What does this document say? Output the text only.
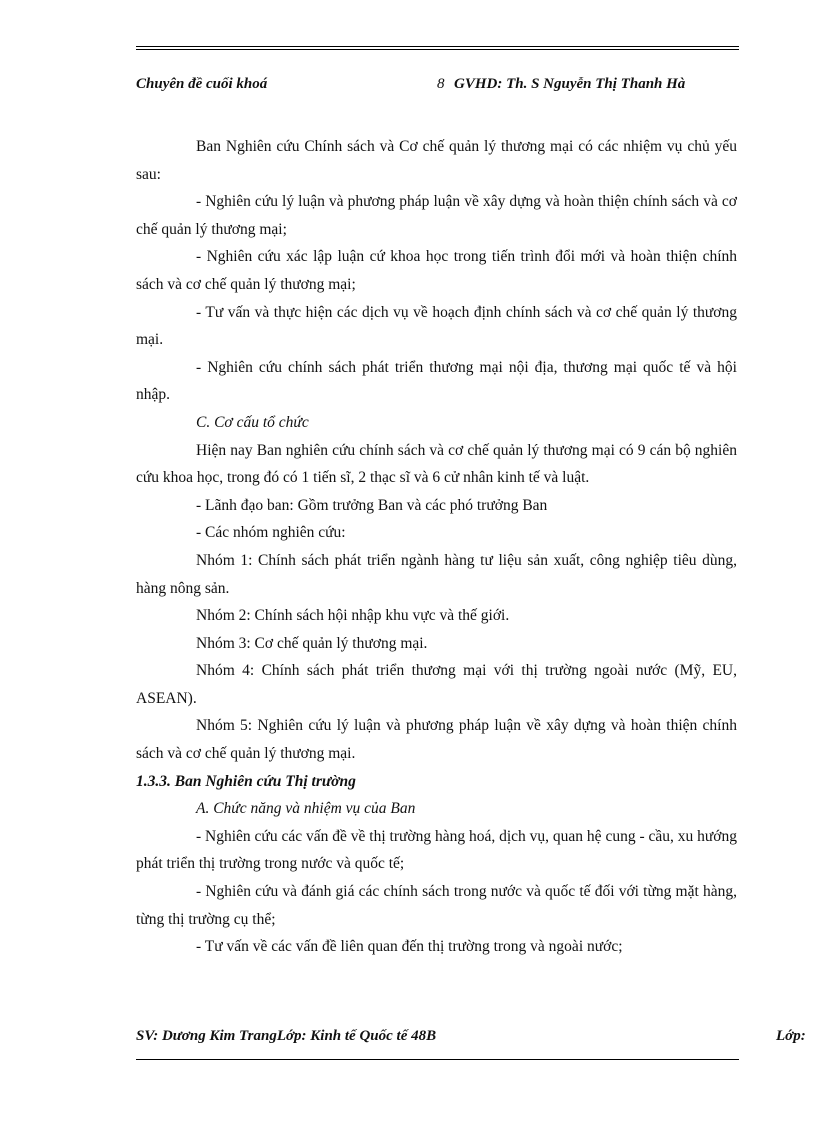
Chuyên đề cuối khoá	8 GVHD: Th. S Nguyễn Thị Thanh Hà

Ban Nghiên cứu Chính sách và Cơ chế quản lý thương mại có các nhiệm vụ chủ yếu sau:

- Nghiên cứu lý luận và phương pháp luận về xây dựng và hoàn thiện chính sách và cơ chế quản lý thương mại;

- Nghiên cứu xác lập luận cứ khoa học trong tiến trình đổi mới và hoàn thiện chính sách và cơ chế quản lý thương mại;

- Tư vấn và thực hiện các dịch vụ về hoạch định chính sách và cơ chế quản lý thương mại.

- Nghiên cứu chính sách phát triển thương mại nội địa, thương mại quốc tế và hội nhập.

C. Cơ cấu tổ chức

Hiện nay Ban nghiên cứu chính sách và cơ chế quản lý thương mại có 9 cán bộ nghiên cứu khoa học, trong đó có 1 tiến sĩ, 2 thạc sĩ và 6 cử nhân kinh tế và luật.

- Lãnh đạo ban: Gồm trưởng Ban và các phó trưởng Ban

- Các nhóm nghiên cứu:

Nhóm 1: Chính sách phát triển ngành hàng tư liệu sản xuất, công nghiệp tiêu dùng, hàng nông sản.

Nhóm 2: Chính sách hội nhập khu vực và thế giới.

Nhóm 3: Cơ chế quản lý thương mại.

Nhóm 4: Chính sách phát triển thương mại với thị trường ngoài nước (Mỹ, EU, ASEAN).

Nhóm 5: Nghiên cứu lý luận và phương pháp luận về xây dựng và hoàn thiện chính sách và cơ chế quản lý thương mại.

1.3.3. Ban Nghiên cứu Thị trường

A. Chức năng và nhiệm vụ của Ban

- Nghiên cứu các vấn đề về thị trường hàng hoá, dịch vụ, quan hệ cung - cầu, xu hướng phát triển thị trường trong nước và quốc tế;

- Nghiên cứu và đánh giá các chính sách trong nước và quốc tế đối với từng mặt hàng, từng thị trường cụ thể;

- Tư vấn về các vấn đề liên quan đến thị trường trong và ngoài nước;

SV: Dương Kim TrangLớp: Kinh tế Quốc tế 48B	Lớp:
